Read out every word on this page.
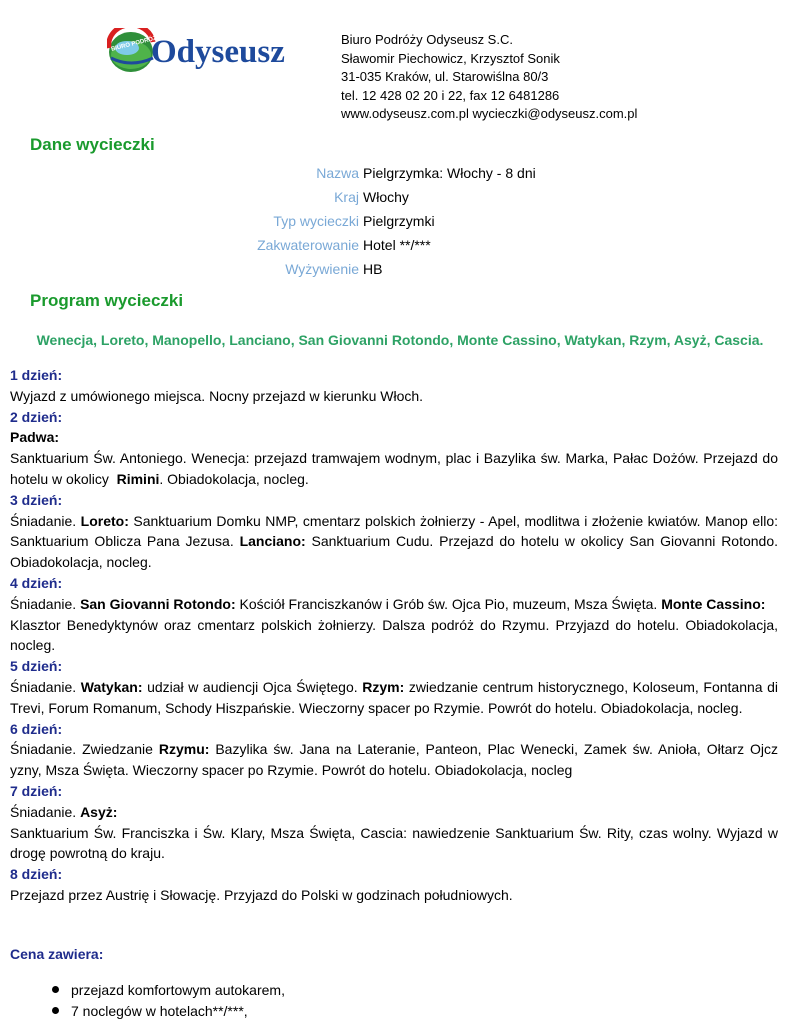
BIURO PODRÓŻY
Odyseusz	Biuro Podróży Odyseusz S.C.
Sławomir Piechowicz, Krzysztof Sonik
31-035 Kraków, ul. Starowiślna 80/3
tel. 12 428 02 20 i 22, fax 12 6481286
www.odyseusz.com.pl wycieczki@odyseusz.com.pl
Dane wycieczki
Nazwa Pielgrzymka: Włochy - 8 dni
Kraj Włochy
Typ wycieczki Pielgrzymki
Zakwaterowanie Hotel **/***
Wyżywienie HB
Program wycieczki
Wenecja, Loreto, Manopello, Lanciano, San Giovanni Rotondo, Monte Cassino, Watykan, Rzym, Asyż, Cascia.
1 dzień:

Wyjazd z umówionego miejsca. Nocny przejazd w kierunku Włoch.

2 dzień:

Padwa:
Sanktuarium Św. Antoniego. Wenecja: przejazd tramwajem wodnym, plac i Bazylika św. Marka, Pałac Dożów. Przejazd do hotelu w okolicy Rimini. Obiadokolacja, nocleg.

3 dzień:

Śniadanie. Loreto: Sanktuarium Domku NMP, cmentarz polskich żołnierzy - Apel, modlitwa i złożenie kwiatów. Manop ello: Sanktuarium Oblicza Pana Jezusa. Lanciano: Sanktuarium Cudu. Przejazd do hotelu w okolicy San Giovanni Rotondo. Obiadokolacja, nocleg.

4 dzień:

Śniadanie. San Giovanni Rotondo: Kościół Franciszkanów i Grób św. Ojca Pio, muzeum, Msza Święta. Monte Cassino:
Klasztor Benedyktynów oraz cmentarz polskich żołnierzy. Dalsza podróż do Rzymu. Przyjazd do hotelu. Obiadokolacja, nocleg.

5 dzień:

Śniadanie. Watykan: udział w audiencji Ojca Świętego. Rzym: zwiedzanie centrum historycznego, Koloseum, Fontanna di Trevi, Forum Romanum, Schody Hiszpańskie. Wieczorny spacer po Rzymie. Powrót do hotelu. Obiadokolacja, nocleg.

6 dzień:

Śniadanie. Zwiedzanie Rzymu: Bazylika św. Jana na Lateranie, Panteon, Plac Wenecki, Zamek św. Anioła, Ołtarz Ojcz yzny, Msza Święta. Wieczorny spacer po Rzymie. Powrót do hotelu. Obiadokolacja, nocleg

7 dzień:

Śniadanie. Asyż:
Sanktuarium Św. Franciszka i Św. Klary, Msza Święta, Cascia: nawiedzenie Sanktuarium Św. Rity, czas wolny. Wyjazd w drogę powrotną do kraju.

8 dzień:

Przejazd przez Austrię i Słowację. Przyjazd do Polski w godzinach południowych.

Cena zawiera:
przejazd komfortowym autokarem,
7 noclegów w hotelach**/***,
